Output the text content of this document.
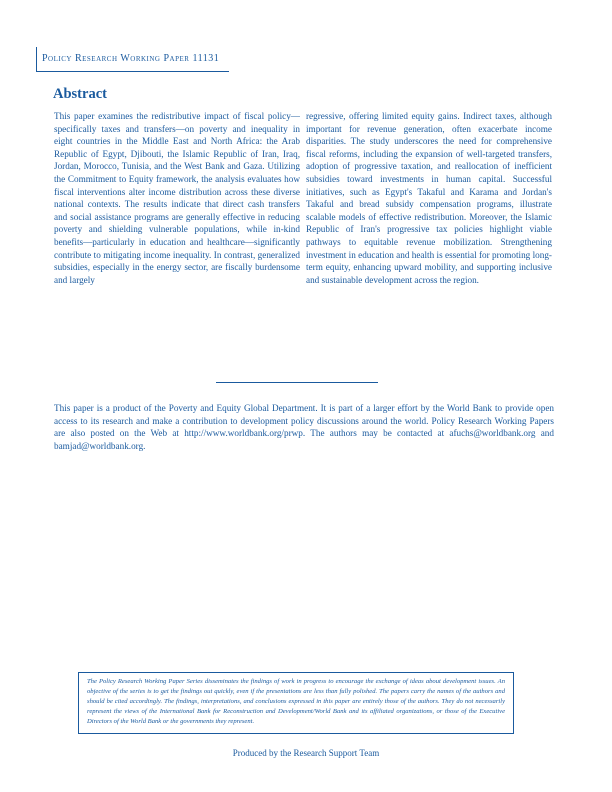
Policy Research Working Paper 11131
Abstract

This paper examines the redistributive impact of fiscal policy—specifically taxes and transfers—on poverty and inequality in eight countries in the Middle East and North Africa: the Arab Republic of Egypt, Djibouti, the Islamic Republic of Iran, Iraq, Jordan, Morocco, Tunisia, and the West Bank and Gaza. Utilizing the Commitment to Equity framework, the analysis evaluates how fiscal interventions alter income distribution across these diverse national contexts. The results indicate that direct cash transfers and social assistance programs are generally effective in reducing poverty and shielding vulnerable populations, while in-kind benefits—particularly in education and healthcare—significantly contribute to mitigating income inequality. In contrast, generalized subsidies, especially in the energy sector, are fiscally burdensome and largely

regressive, offering limited equity gains. Indirect taxes, although important for revenue generation, often exacerbate income disparities. The study underscores the need for comprehensive fiscal reforms, including the expansion of well-targeted transfers, adoption of progressive taxation, and reallocation of inefficient subsidies toward investments in human capital. Successful initiatives, such as Egypt's Takaful and Karama and Jordan's Takaful and bread subsidy compensation programs, illustrate scalable models of effective redistribution. Moreover, the Islamic Republic of Iran's progressive tax policies highlight viable pathways to equitable revenue mobilization. Strengthening investment in education and health is essential for promoting long-term equity, enhancing upward mobility, and supporting inclusive and sustainable development across the region.

This paper is a product of the Poverty and Equity Global Department. It is part of a larger effort by the World Bank to provide open access to its research and make a contribution to development policy discussions around the world. Policy Research Working Papers are also posted on the Web at http://www.worldbank.org/prwp. The authors may be contacted at afuchs@worldbank.org and bamjad@worldbank.org.

The Policy Research Working Paper Series disseminates the findings of work in progress to encourage the exchange of ideas about development issues. An objective of the series is to get the findings out quickly, even if the presentations are less than fully polished. The papers carry the names of the authors and should be cited accordingly. The findings, interpretations, and conclusions expressed in this paper are entirely those of the authors. They do not necessarily represent the views of the International Bank for Reconstruction and Development/World Bank and its affiliated organizations, or those of the Executive Directors of the World Bank or the governments they represent.

Produced by the Research Support Team
